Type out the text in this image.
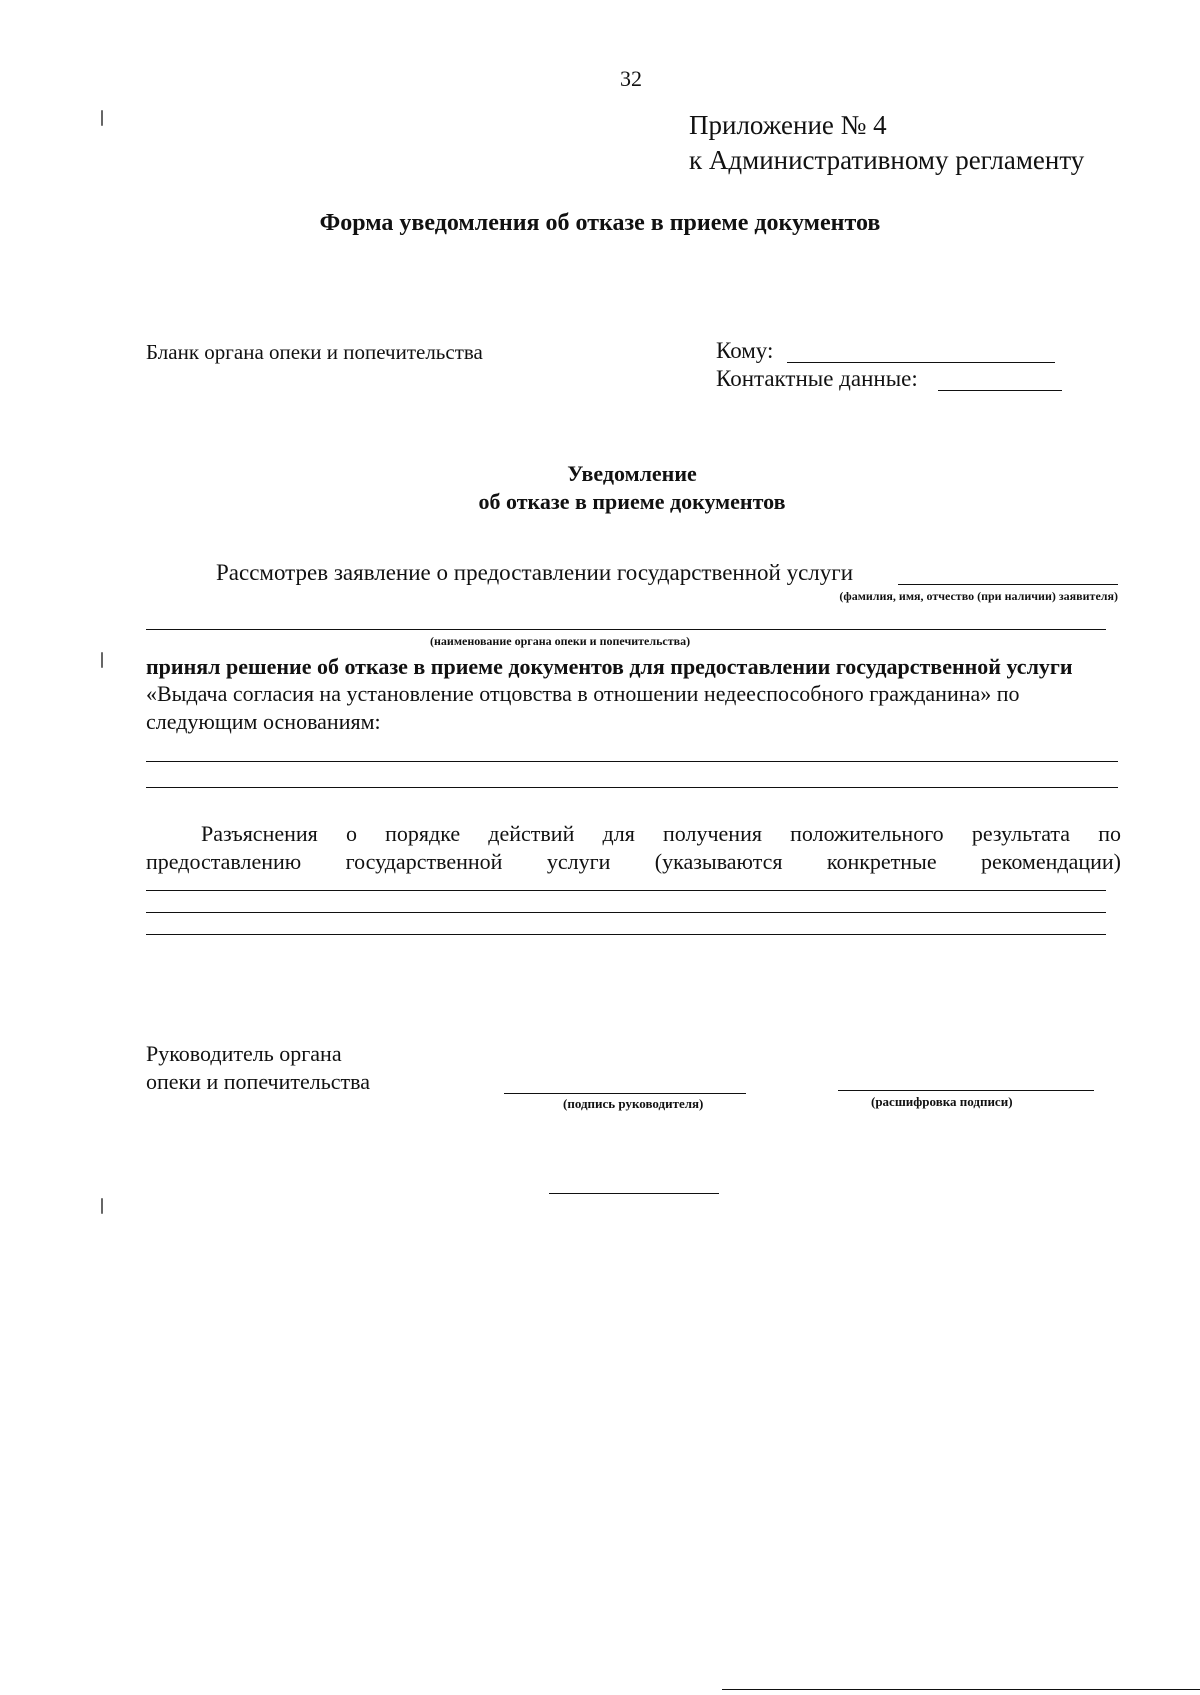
32
Приложение № 4
к Административному регламенту
Форма уведомления об отказе в приеме документов
Бланк органа опеки и попечительства	Кому:
Контактные данные:
Уведомление
об отказе в приеме документов
Рассмотрев заявление о предоставлении государственной услуги
(фамилия, имя, отчество (при наличии) заявителя)
(наименование органа опеки и попечительства)
принял решение об отказе в приеме документов для предоставлении государственной услуги
«Выдача согласия на установление отцовства в отношении недееспособного гражданина» по
следующим основаниям:
Разъяснения о порядке действий для получения положительного результата по
предоставлению государственной услуги (указываются конкретные рекомендации)
Руководитель органа
опеки и попечительства
(подпись руководителя)	(расшифровка подписи)
